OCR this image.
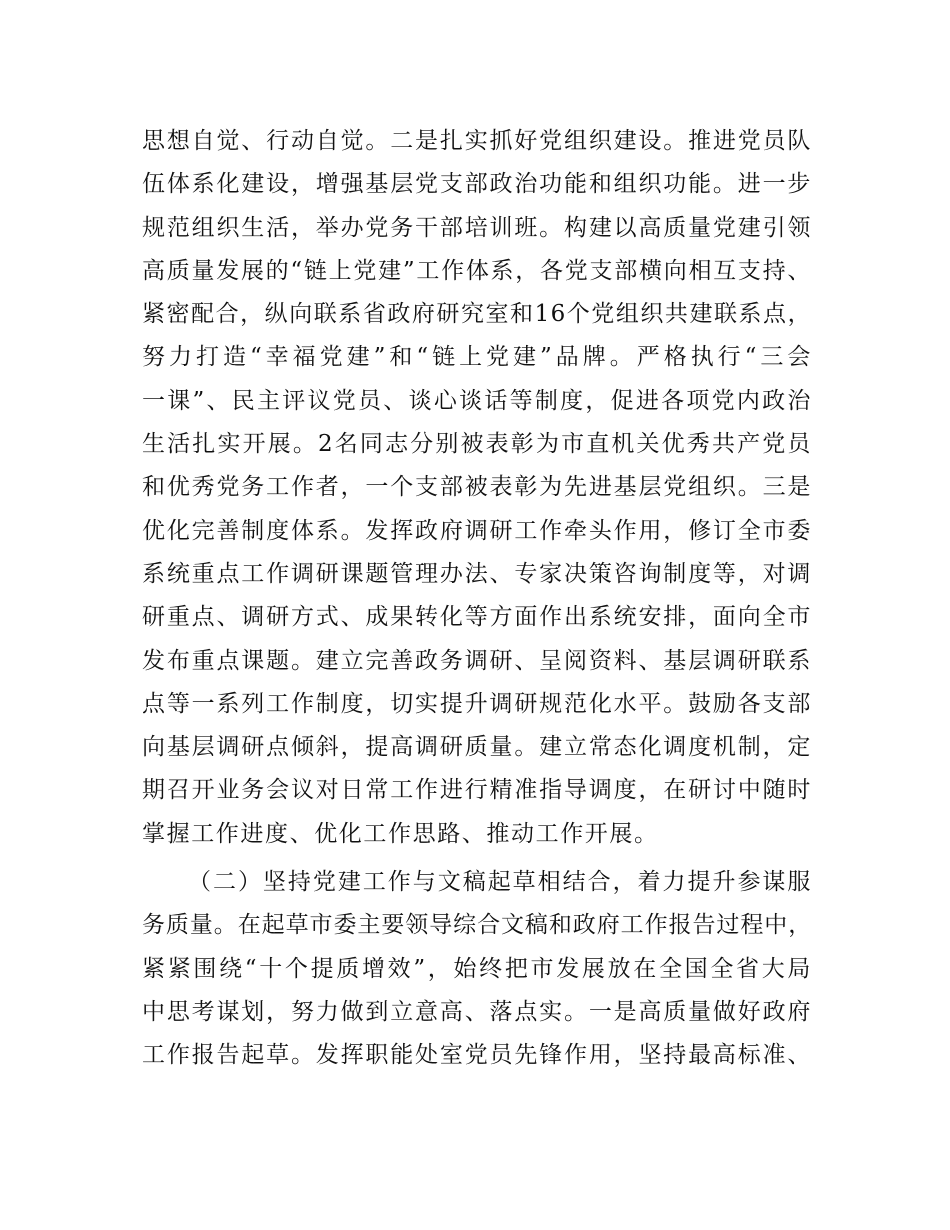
思想自觉、行动自觉。二是扎实抓好党组织建设。推进党员队
伍体系化建设，增强基层党支部政治功能和组织功能。进一步
规范组织生活，举办党务干部培训班。构建以高质量党建引领
高质量发展的“链上党建”工作体系，各党支部横向相互支持、
紧密配合，纵向联系省政府研究室和16个党组织共建联系点，
努力打造“幸福党建”和“链上党建”品牌。严格执行“三会
一课”、民主评议党员、谈心谈话等制度，促进各项党内政治
生活扎实开展。2名同志分别被表彰为市直机关优秀共产党员
和优秀党务工作者，一个支部被表彰为先进基层党组织。三是
优化完善制度体系。发挥政府调研工作牵头作用，修订全市委
系统重点工作调研课题管理办法、专家决策咨询制度等，对调
研重点、调研方式、成果转化等方面作出系统安排，面向全市
发布重点课题。建立完善政务调研、呈阅资料、基层调研联系
点等一系列工作制度，切实提升调研规范化水平。鼓励各支部
向基层调研点倾斜，提高调研质量。建立常态化调度机制，定
期召开业务会议对日常工作进行精准指导调度，在研讨中随时
掌握工作进度、优化工作思路、推动工作开展。
（二）坚持党建工作与文稿起草相结合，着力提升参谋服
务质量。在起草市委主要领导综合文稿和政府工作报告过程中，
紧紧围绕“十个提质增效”，始终把市发展放在全国全省大局
中思考谋划，努力做到立意高、落点实。一是高质量做好政府
工作报告起草。发挥职能处室党员先锋作用，坚持最高标准、
